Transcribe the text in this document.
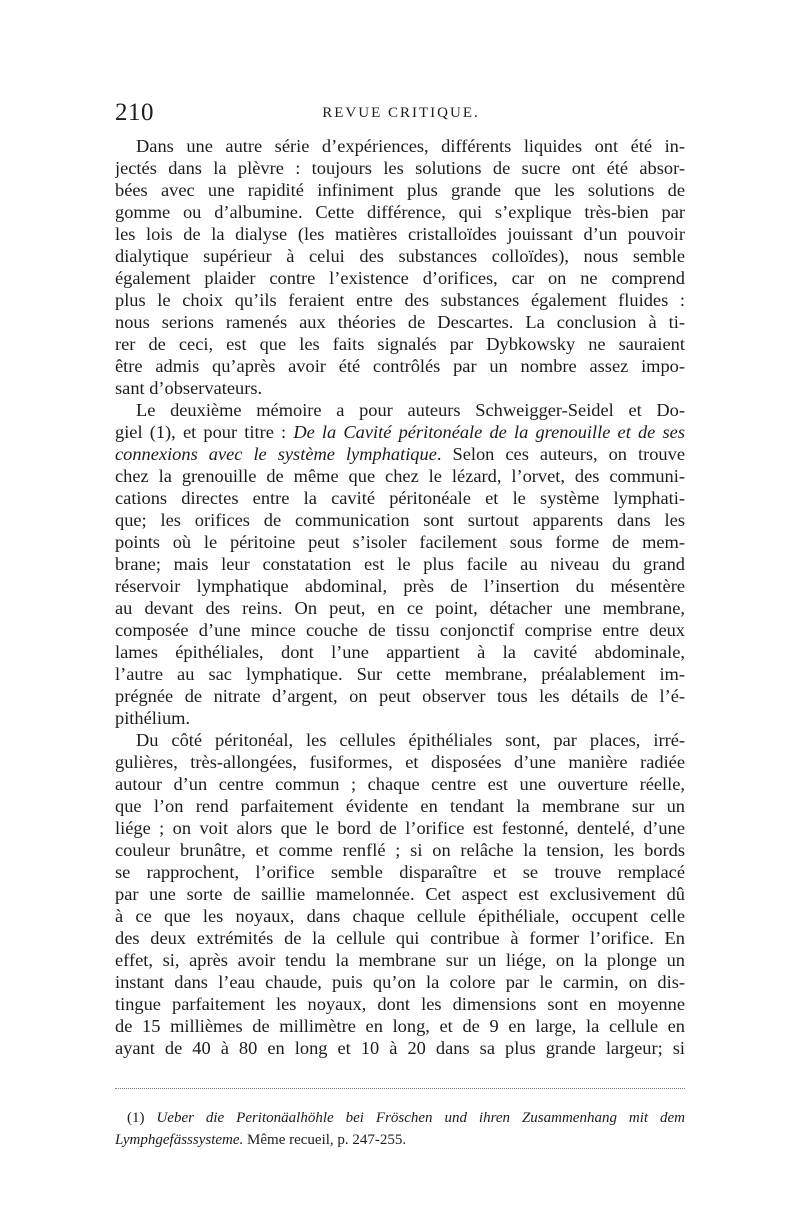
210	REVUE CRITIQUE.
Dans une autre série d’expériences, différents liquides ont été in-
jectés dans la plèvre : toujours les solutions de sucre ont été absor-
bées avec une rapidité infiniment plus grande que les solutions de
gomme ou d’albumine. Cette différence, qui s’explique très-bien par
les lois de la dialyse (les matières cristalloïdes jouissant d’un pouvoir
dialytique supérieur à celui des substances colloïdes), nous semble
également plaider contre l’existence d’orifices, car on ne comprend
plus le choix qu’ils feraient entre des substances également fluides :
nous serions ramenés aux théories de Descartes. La conclusion à ti-
rer de ceci, est que les faits signalés par Dybkowsky ne sauraient
être admis qu’après avoir été contrôlés par un nombre assez impo-
sant d’observateurs.
Le deuxième mémoire a pour auteurs Schweigger-Seidel et Do-
giel (1), et pour titre : De la Cavité péritonéale de la grenouille et de ses
connexions avec le système lymphatique. Selon ces auteurs, on trouve
chez la grenouille de même que chez le lézard, l’orvet, des communi-
cations directes entre la cavité péritonéale et le système lymphati-
que; les orifices de communication sont surtout apparents dans les
points où le péritoine peut s’isoler facilement sous forme de mem-
brane; mais leur constatation est le plus facile au niveau du grand
réservoir lymphatique abdominal, près de l’insertion du mésentère
au devant des reins. On peut, en ce point, détacher une membrane,
composée d’une mince couche de tissu conjonctif comprise entre deux
lames épithéliales, dont l’une appartient à la cavité abdominale,
l’autre au sac lymphatique. Sur cette membrane, préalablement im-
prégnée de nitrate d’argent, on peut observer tous les détails de l’é-
pithélium.
Du côté péritonéal, les cellules épithéliales sont, par places, irré-
gulières, très-allongées, fusiformes, et disposées d’une manière radiée
autour d’un centre commun ; chaque centre est une ouverture réelle,
que l’on rend parfaitement évidente en tendant la membrane sur un
liége ; on voit alors que le bord de l’orifice est festonné, dentelé, d’une
couleur brunâtre, et comme renflé ; si on relâche la tension, les bords
se rapprochent, l’orifice semble disparaître et se trouve remplacé
par une sorte de saillie mamelonnée. Cet aspect est exclusivement dû
à ce que les noyaux, dans chaque cellule épithéliale, occupent celle
des deux extrémités de la cellule qui contribue à former l’orifice. En
effet, si, après avoir tendu la membrane sur un liége, on la plonge un
instant dans l’eau chaude, puis qu’on la colore par le carmin, on dis-
tingue parfaitement les noyaux, dont les dimensions sont en moyenne
de 15 millièmes de millimètre en long, et de 9 en large, la cellule en
ayant de 40 à 80 en long et 10 à 20 dans sa plus grande largeur; si
(1) Ueber die Peritonäalhöhle bei Fröschen und ihren Zusammenhang mit dem
Lymphgefässsysteme. Même recueil, p. 247-255.
